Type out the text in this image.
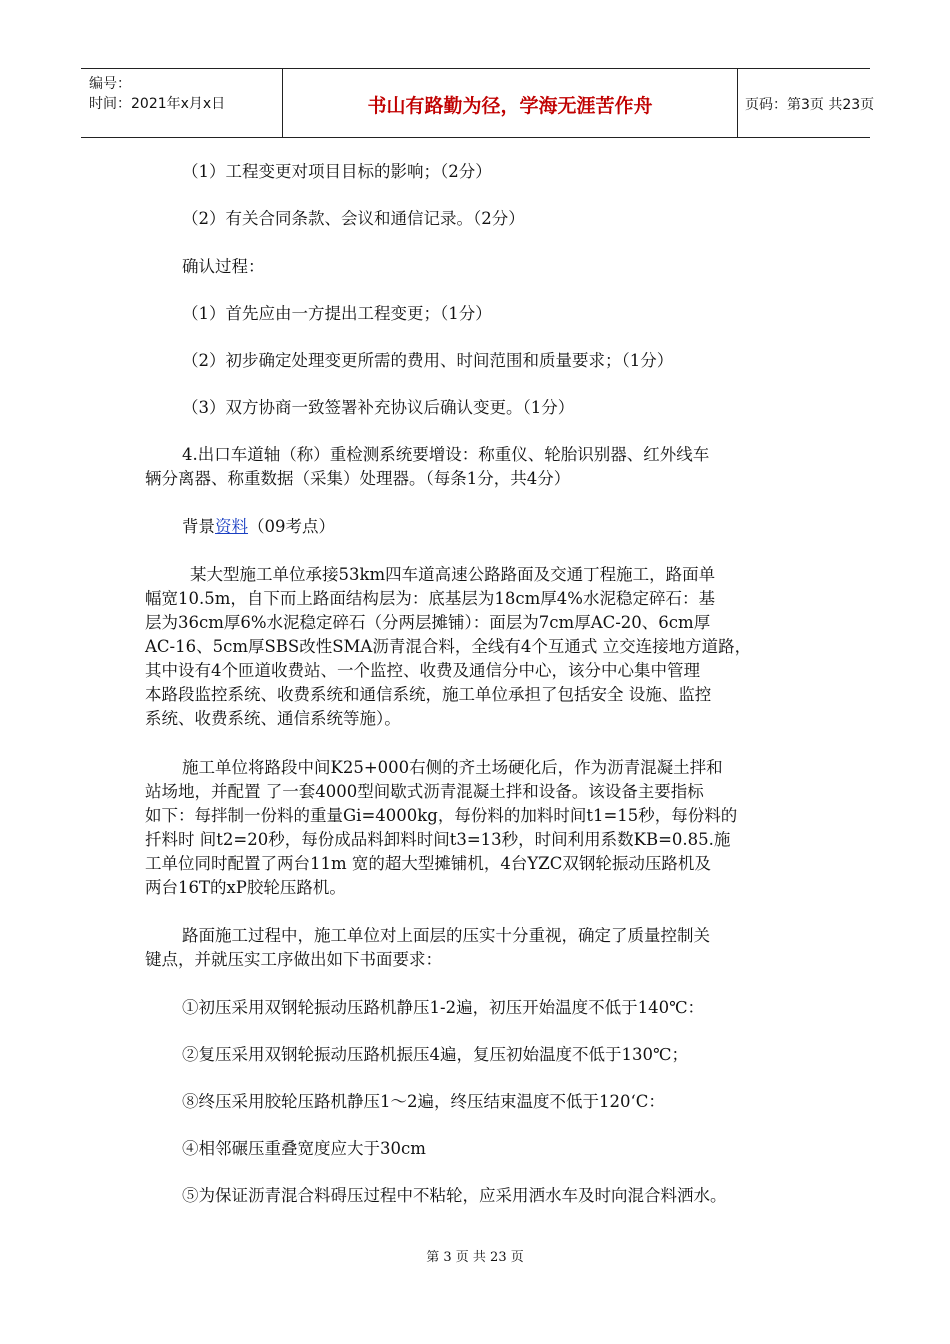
编号：
时间：2021年x月x日	书山有路勤为径，学海无涯苦作舟	页码：第3页 共23页
（1）工程变更对项目目标的影响；（2分）
（2）有关合同条款、会议和通信记录。（2分）
确认过程：
（1）首先应由一方提出工程变更；（1分）
（2）初步确定处理变更所需的费用、时间范围和质量要求；（1分）
（3）双方协商一致签署补充协议后确认变更。（1分）
4.出口车道轴（称）重检测系统要增设：称重仪、轮胎识别器、红外线车
辆分离器、称重数据（采集）处理器。（每条1分，共4分）
背景资料（09考点）
某大型施工单位承接53km四车道高速公路路面及交通丁程施工，路面单
幅宽10.5m，自下而上路面结构层为：底基层为18cm厚4%水泥稳定碎石：基
层为36cm厚6%水泥稳定碎石（分两层摊铺）：面层为7cm厚AC-20、6cm厚
AC-16、5cm厚SBS改性SMA沥青混合料，全线有4个互通式 立交连接地方道路，
其中设有4个匝道收费站、一个监控、收费及通信分中心，该分中心集中管理
本路段监控系统、收费系统和通信系统，施工单位承担了包括安全 设施、监控
系统、收费系统、通信系统等施）。
施工单位将路段中间K25+000右侧的齐土场硬化后，作为沥青混凝土拌和
站场地，并配置 了一套4000型间歇式沥青混凝土拌和设备。该设备主要指标
如下：每拌制一份料的重量Gi=4000kg，每份料的加料时间t1=15秒，每份料的
扦料时 间t2=20秒，每份成品料卸料时间t3=13秒，时间利用系数KB=0.85.施
工单位同时配置了两台11m 宽的超大型摊铺机，4台YZC双钢轮振动压路机及
两台16T的xP胶轮压路机。
路面施工过程中，施工单位对上面层的压实十分重视，确定了质量控制关
键点，并就压实工序做出如下书面要求：
①初压采用双钢轮振动压路机静压1-2遍，初压开始温度不低于140℃：
②复压采用双钢轮振动压路机振压4遍，复压初始温度不低于130℃；
⑧终压采用胶轮压路机静压1～2遍，终压结束温度不低于120‘C：
④相邻碾压重叠宽度应大于30cm
⑤为保证沥青混合料碍压过程中不粘轮，应采用洒水车及时向混合料洒水。
第 3 页 共 23 页
